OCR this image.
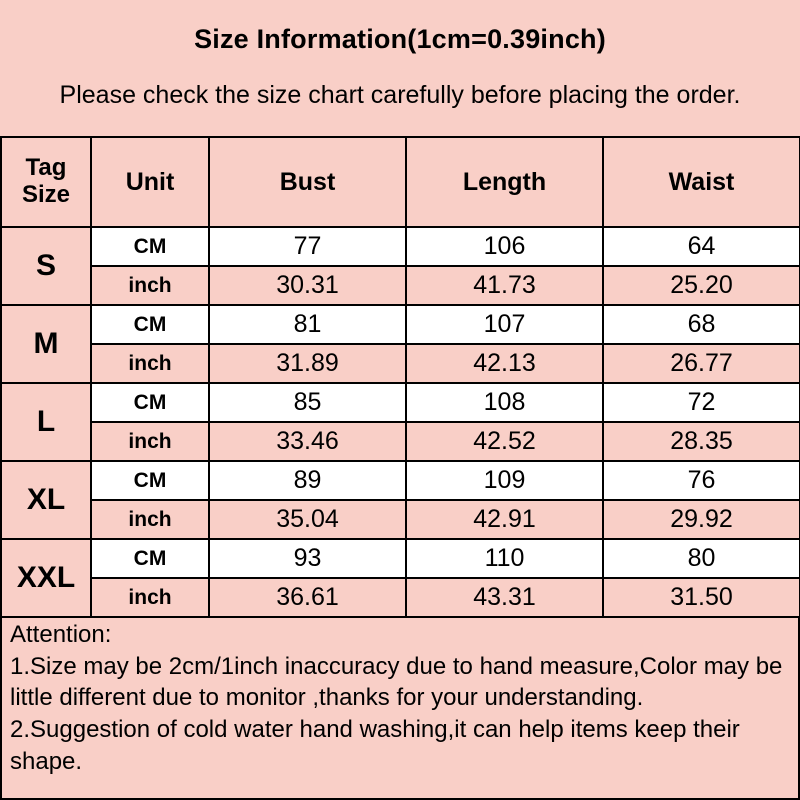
Size Information(1cm=0.39inch)
Please check the size chart carefully before placing the order.
Tag
Size	Unit	Bust	Length	Waist
S	CM	77	106	64
	inch	30.31	41.73	25.20
M	CM	81	107	68
	inch	31.89	42.13	26.77
L	CM	85	108	72
	inch	33.46	42.52	28.35
XL	CM	89	109	76
	inch	35.04	42.91	29.92
XXL	CM	93	110	80
	inch	36.61	43.31	31.50

Attention:

1.Size may be 2cm/1inch inaccuracy due to hand measure,Color may be little different due to monitor ,thanks for your understanding.

2.Suggestion of cold water hand washing,it can help items keep their shape.
